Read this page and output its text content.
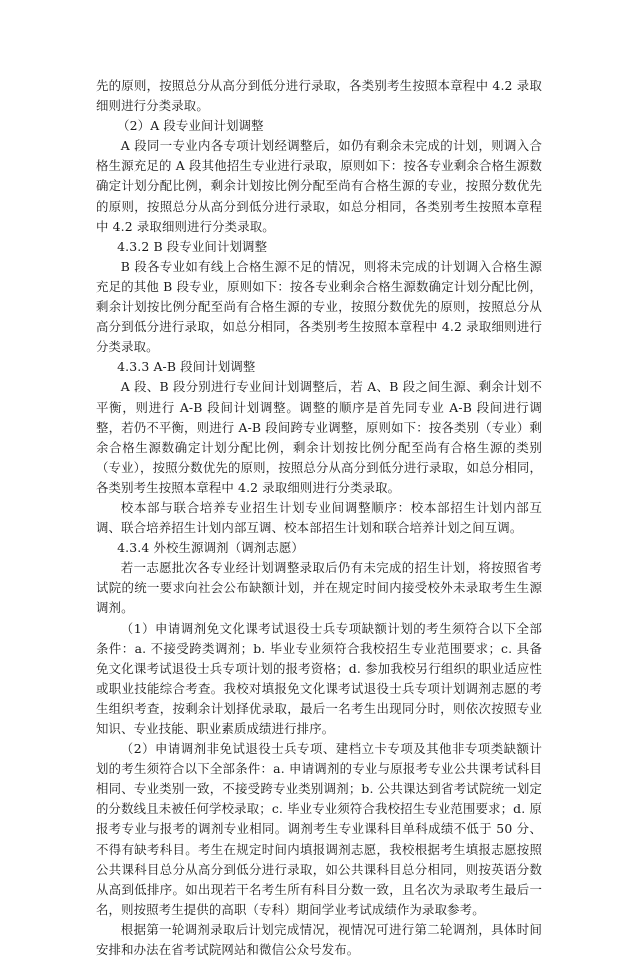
先的原则，按照总分从高分到低分进行录取，各类别考生按照本章程中 4.2 录取细则进行分类录取。

（2）A 段专业间计划调整

A 段同一专业内各专项计划经调整后，如仍有剩余未完成的计划，则调入合格生源充足的 A 段其他招生专业进行录取，原则如下：按各专业剩余合格生源数确定计划分配比例，剩余计划按比例分配至尚有合格生源的专业，按照分数优先的原则，按照总分从高分到低分进行录取，如总分相同，各类别考生按照本章程中 4.2 录取细则进行分类录取。

4.3.2 B 段专业间计划调整

B 段各专业如有线上合格生源不足的情况，则将未完成的计划调入合格生源充足的其他 B 段专业，原则如下：按各专业剩余合格生源数确定计划分配比例，剩余计划按比例分配至尚有合格生源的专业，按照分数优先的原则，按照总分从高分到低分进行录取，如总分相同，各类别考生按照本章程中 4.2 录取细则进行分类录取。

4.3.3 A-B 段间计划调整

A 段、B 段分别进行专业间计划调整后，若 A、B 段之间生源、剩余计划不平衡，则进行 A-B 段间计划调整。调整的顺序是首先同专业 A-B 段间进行调整，若仍不平衡，则进行 A-B 段间跨专业调整，原则如下：按各类别（专业）剩余合格生源数确定计划分配比例，剩余计划按比例分配至尚有合格生源的类别（专业），按照分数优先的原则，按照总分从高分到低分进行录取，如总分相同，各类别考生按照本章程中 4.2 录取细则进行分类录取。

校本部与联合培养专业招生计划专业间调整顺序：校本部招生计划内部互调、联合培养招生计划内部互调、校本部招生计划和联合培养计划之间互调。

4.3.4 外校生源调剂（调剂志愿）

若一志愿批次各专业经计划调整录取后仍有未完成的招生计划，将按照省考试院的统一要求向社会公布缺额计划，并在规定时间内接受校外未录取考生生源调剂。

（1）申请调剂免文化课考试退役士兵专项缺额计划的考生须符合以下全部条件：a. 不接受跨类调剂；b. 毕业专业须符合我校招生专业范围要求；c. 具备免文化课考试退役士兵专项计划的报考资格；d. 参加我校另行组织的职业适应性或职业技能综合考查。我校对填报免文化课考试退役士兵专项计划调剂志愿的考生组织考查，按剩余计划择优录取，最后一名考生出现同分时，则依次按照专业知识、专业技能、职业素质成绩进行排序。

（2）申请调剂非免试退役士兵专项、建档立卡专项及其他非专项类缺额计划的考生须符合以下全部条件：a. 申请调剂的专业与原报考专业公共课考试科目相同、专业类别一致，不接受跨专业类别调剂；b. 公共课达到省考试院统一划定的分数线且未被任何学校录取；c. 毕业专业须符合我校招生专业范围要求；d. 原报考专业与报考的调剂专业相同。调剂考生专业课科目单科成绩不低于 50 分、不得有缺考科目。考生在规定时间内填报调剂志愿，我校根据考生填报志愿按照公共课科目总分从高分到低分进行录取，如公共课科目总分相同，则按英语分数从高到低排序。如出现若干名考生所有科目分数一致，且名次为录取考生最后一名，则按照考生提供的高职（专科）期间学业考试成绩作为录取参考。

根据第一轮调剂录取后计划完成情况，视情况可进行第二轮调剂，具体时间安排和办法在省考试院网站和微信公众号发布。
